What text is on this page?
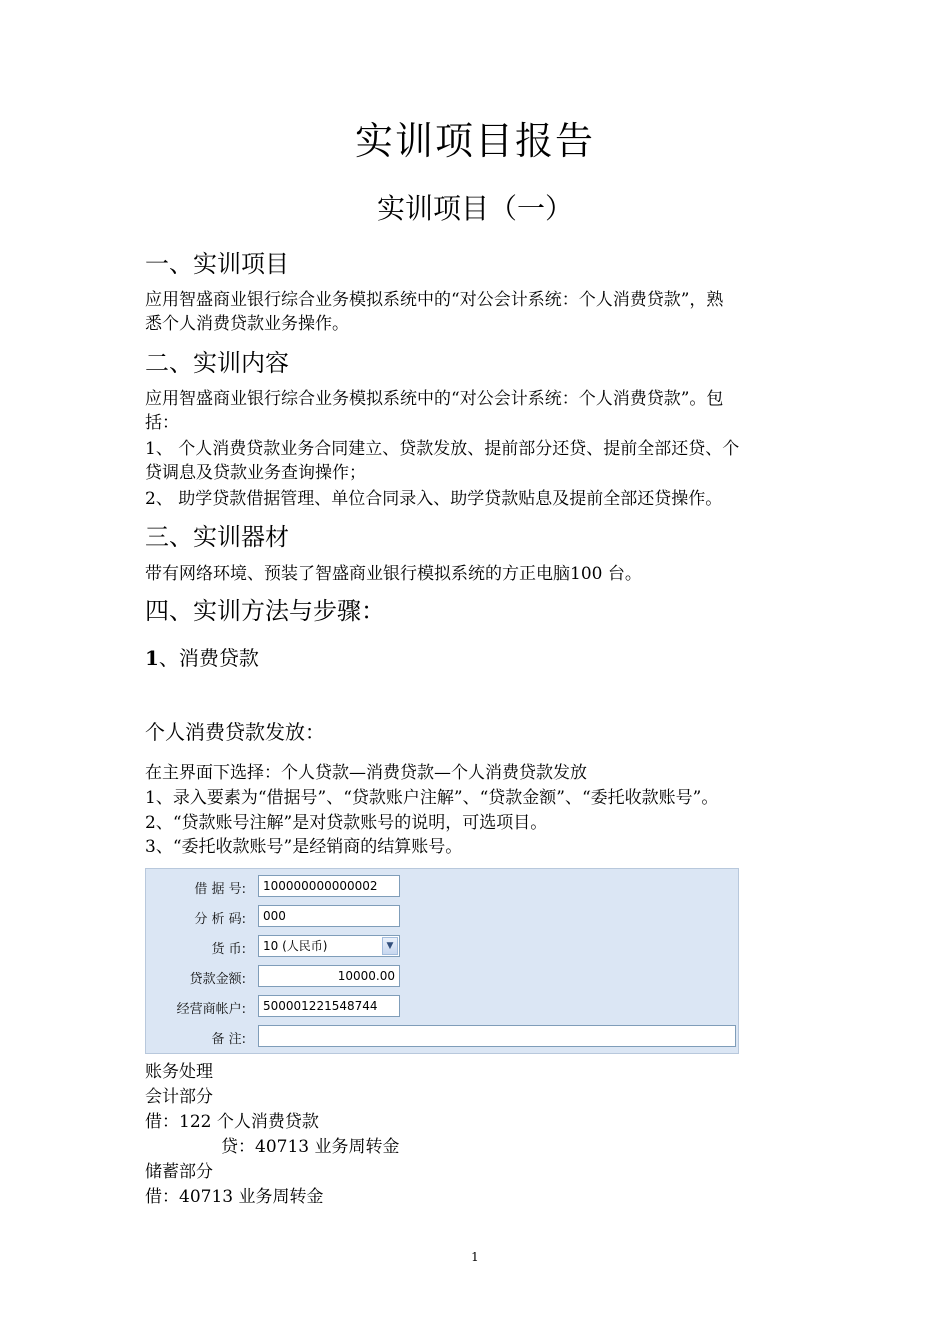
实训项目报告
实训项目（一）
一、实训项目
应用智盛商业银行综合业务模拟系统中的“对公会计系统：个人消费贷款”，熟
悉个人消费贷款业务操作。
二、实训内容
应用智盛商业银行综合业务模拟系统中的“对公会计系统：个人消费贷款”。包
括：
1、 个人消费贷款业务合同建立、贷款发放、提前部分还贷、提前全部还贷、个
贷调息及贷款业务查询操作；
2、 助学贷款借据管理、单位合同录入、助学贷款贴息及提前全部还贷操作。
三、实训器材
带有网络环境、预装了智盛商业银行模拟系统的方正电脑100 台。
四、实训方法与步骤：
1、消费贷款
个人消费贷款发放：
在主界面下选择：个人贷款—消费贷款—个人消费贷款发放
1、录入要素为“借据号”、“贷款账户注解”、“贷款金额”、“委托收款账号”。
2、“贷款账号注解”是对贷款账号的说明，可选项目。
3、“委托收款账号”是经销商的结算账号。
借 据 号:	100000000000002
分 析 码:	000
货 币:	10 (人民币)	▼
贷款金额:	10000.00
经营商帐户:	500001221548744
备 注:
账务处理
会计部分
借：122 个人消费贷款
贷：40713 业务周转金
储蓄部分
借：40713 业务周转金
1
